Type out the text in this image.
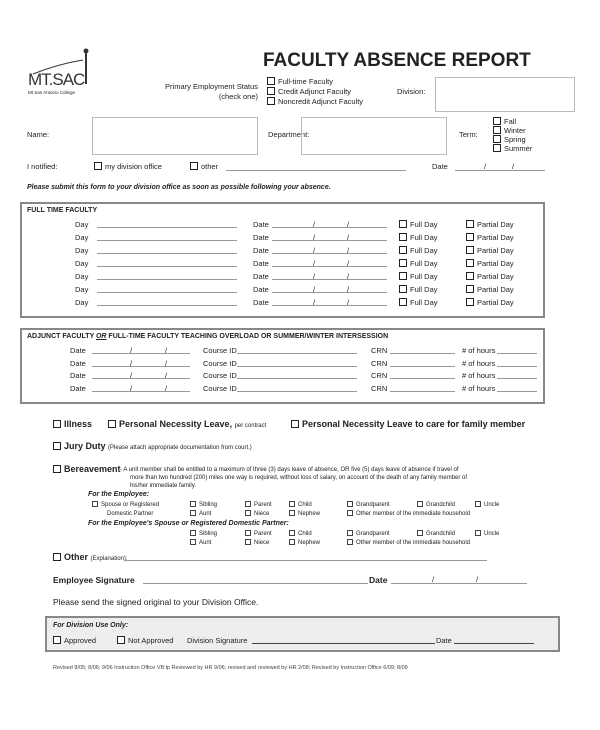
MT.SAC
Mt San Antonio College
FACULTY ABSENCE REPORT
Primary Employment Status
(check one)
Full-time Faculty
Credit Adjunct Faculty
Noncredit Adjunct Faculty
Division:
Name:	Department:	Term:
Fall
Winter
Spring
Summer
I notified:	my division office	other	Date	/	/
Please submit this form to your division office as soon as possible following your absence.
FULL TIME FACULTY
Day	Date	/	/	Full Day	Partial Day
Day	Date	/	/	Full Day	Partial Day
Day	Date	/	/	Full Day	Partial Day
Day	Date	/	/	Full Day	Partial Day
Day	Date	/	/	Full Day	Partial Day
Day	Date	/	/	Full Day	Partial Day
Day	Date	/	/	Full Day	Partial Day
ADJUNCT FACULTY OR FULL-TIME FACULTY TEACHING OVERLOAD OR SUMMER/WINTER INTERSESSION
Date	/	/	Course ID	CRN	# of hours
Date	/	/	Course ID	CRN	# of hours
Date	/	/	Course ID	CRN	# of hours
Date	/	/	Course ID	CRN	# of hours
Illness	Personal Necessity Leave, per contract	Personal Necessity Leave to care for family member
Jury Duty (Please attach appropriate documentation from court.)
Bereavement - A unit member shall be entitled to a maximum of three (3) days leave of absence, OR five (5) days leave of absence if travel of
more than two hundred (200) miles one way is required, without loss of salary, on account of the death of any family member of
his/her immediate family.
For the Employee:
Spouse or Registered
Domestic Partner
Sibling	Parent	Child	Grandparent	Grandchild	Uncle
Aunt	Niece	Nephew	Other member of the immediate household
For the Employee's Spouse or Registered Domestic Partner:
Sibling	Parent	Child	Grandparent	Grandchild	Uncle
Aunt	Niece	Nephew	Other member of the immediate household
Other (Explanation):
Employee Signature	Date	/	/
Please send the signed original to your Division Office.
For Division Use Only:
Approved	Not Approved Division Signature	Date
Revised 8/05; 8/06; 9/06 Instruction Office VB:lp Reviewed by HR 9/06; revised and reviewed by HR 2/08; Revised by Instruction Office 6/09; 8/09
